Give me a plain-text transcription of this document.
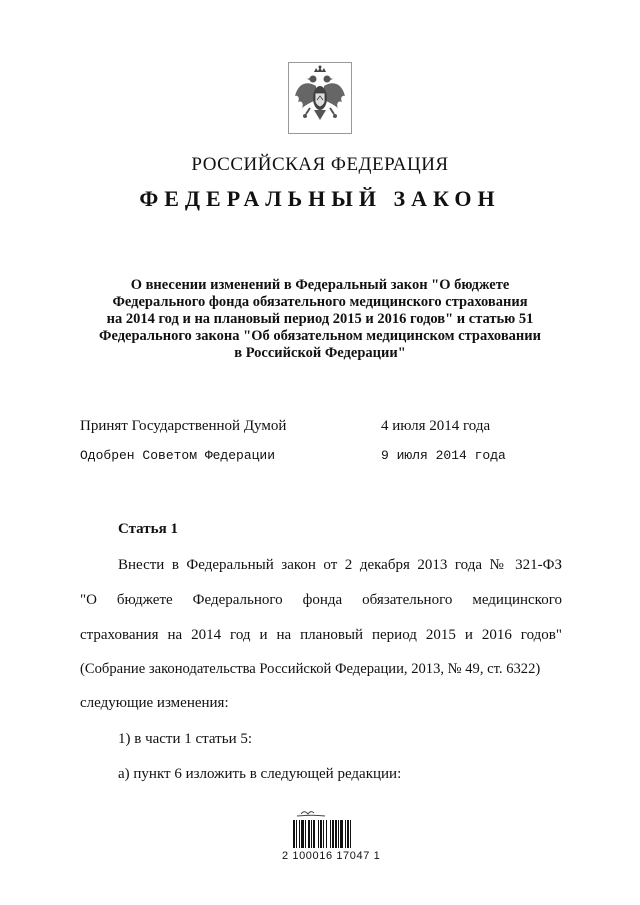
РОССИЙСКАЯ ФЕДЕРАЦИЯ
ФЕДЕРАЛЬНЫЙ ЗАКОН
О внесении изменений в Федеральный закон "О бюджете
Федерального фонда обязательного медицинского страхования
на 2014 год и на плановый период 2015 и 2016 годов" и статью 51
Федерального закона "Об обязательном медицинском страховании
в Российской Федерации"
Принят Государственной Думой	4 июля 2014 года
Одобрен Советом Федерации	9 июля 2014 года
Статья 1
Внести в Федеральный закон от 2 декабря 2013 года № 321-ФЗ
"О бюджете Федерального фонда обязательного медицинского
страхования на 2014 год и на плановый период 2015 и 2016 годов"
(Собрание законодательства Российской Федерации, 2013, № 49, ст. 6322)
следующие изменения:
1) в части 1 статьи 5:
а) пункт 6 изложить в следующей редакции:
2 100016 17047 1
